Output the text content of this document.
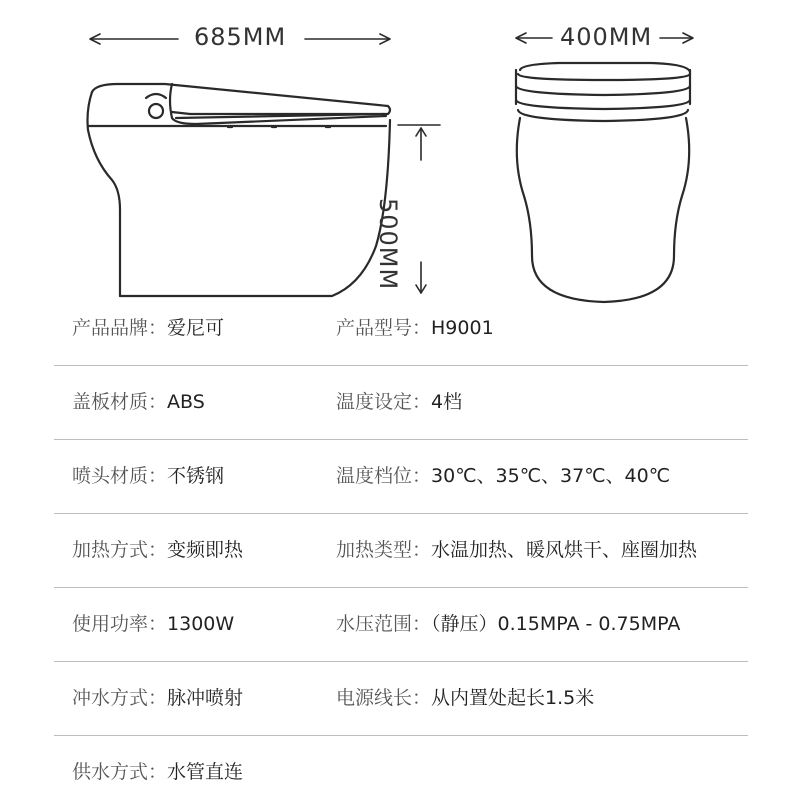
685MM	400MM
500MM
产品品牌：爱尼可	产品型号：H9001
盖板材质：ABS	温度设定：4档
喷头材质：不锈钢	温度档位：30℃、35℃、37℃、40℃
加热方式：变频即热	加热类型：水温加热、暖风烘干、座圈加热
使用功率：1300W	水压范围：（静压）0.15MPA - 0.75MPA
冲水方式：脉冲喷射	电源线长：从内置处起长1.5米
供水方式：水管直连
